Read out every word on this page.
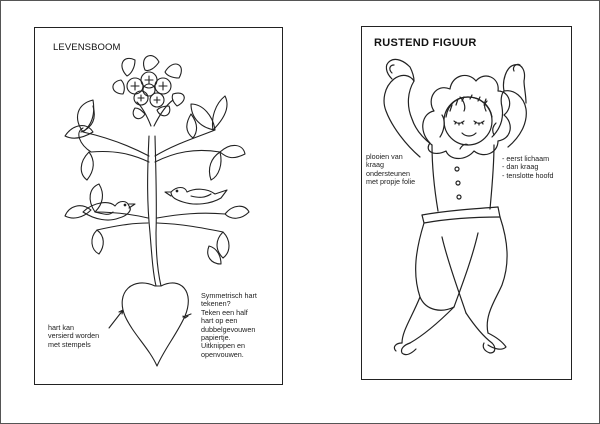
LEVENSBOOM
Symmetrisch hart
tekenen?
Teken een half
hart op een
dubbelgevouwen
papiertje.
Uitknippen en
openvouwen.
hart kan
versierd worden
met stempels
RUSTEND FIGUUR
plooien van
kraag
ondersteunen
met propje folie
- eerst lichaam
- dan kraag
- tenslotte hoofd
